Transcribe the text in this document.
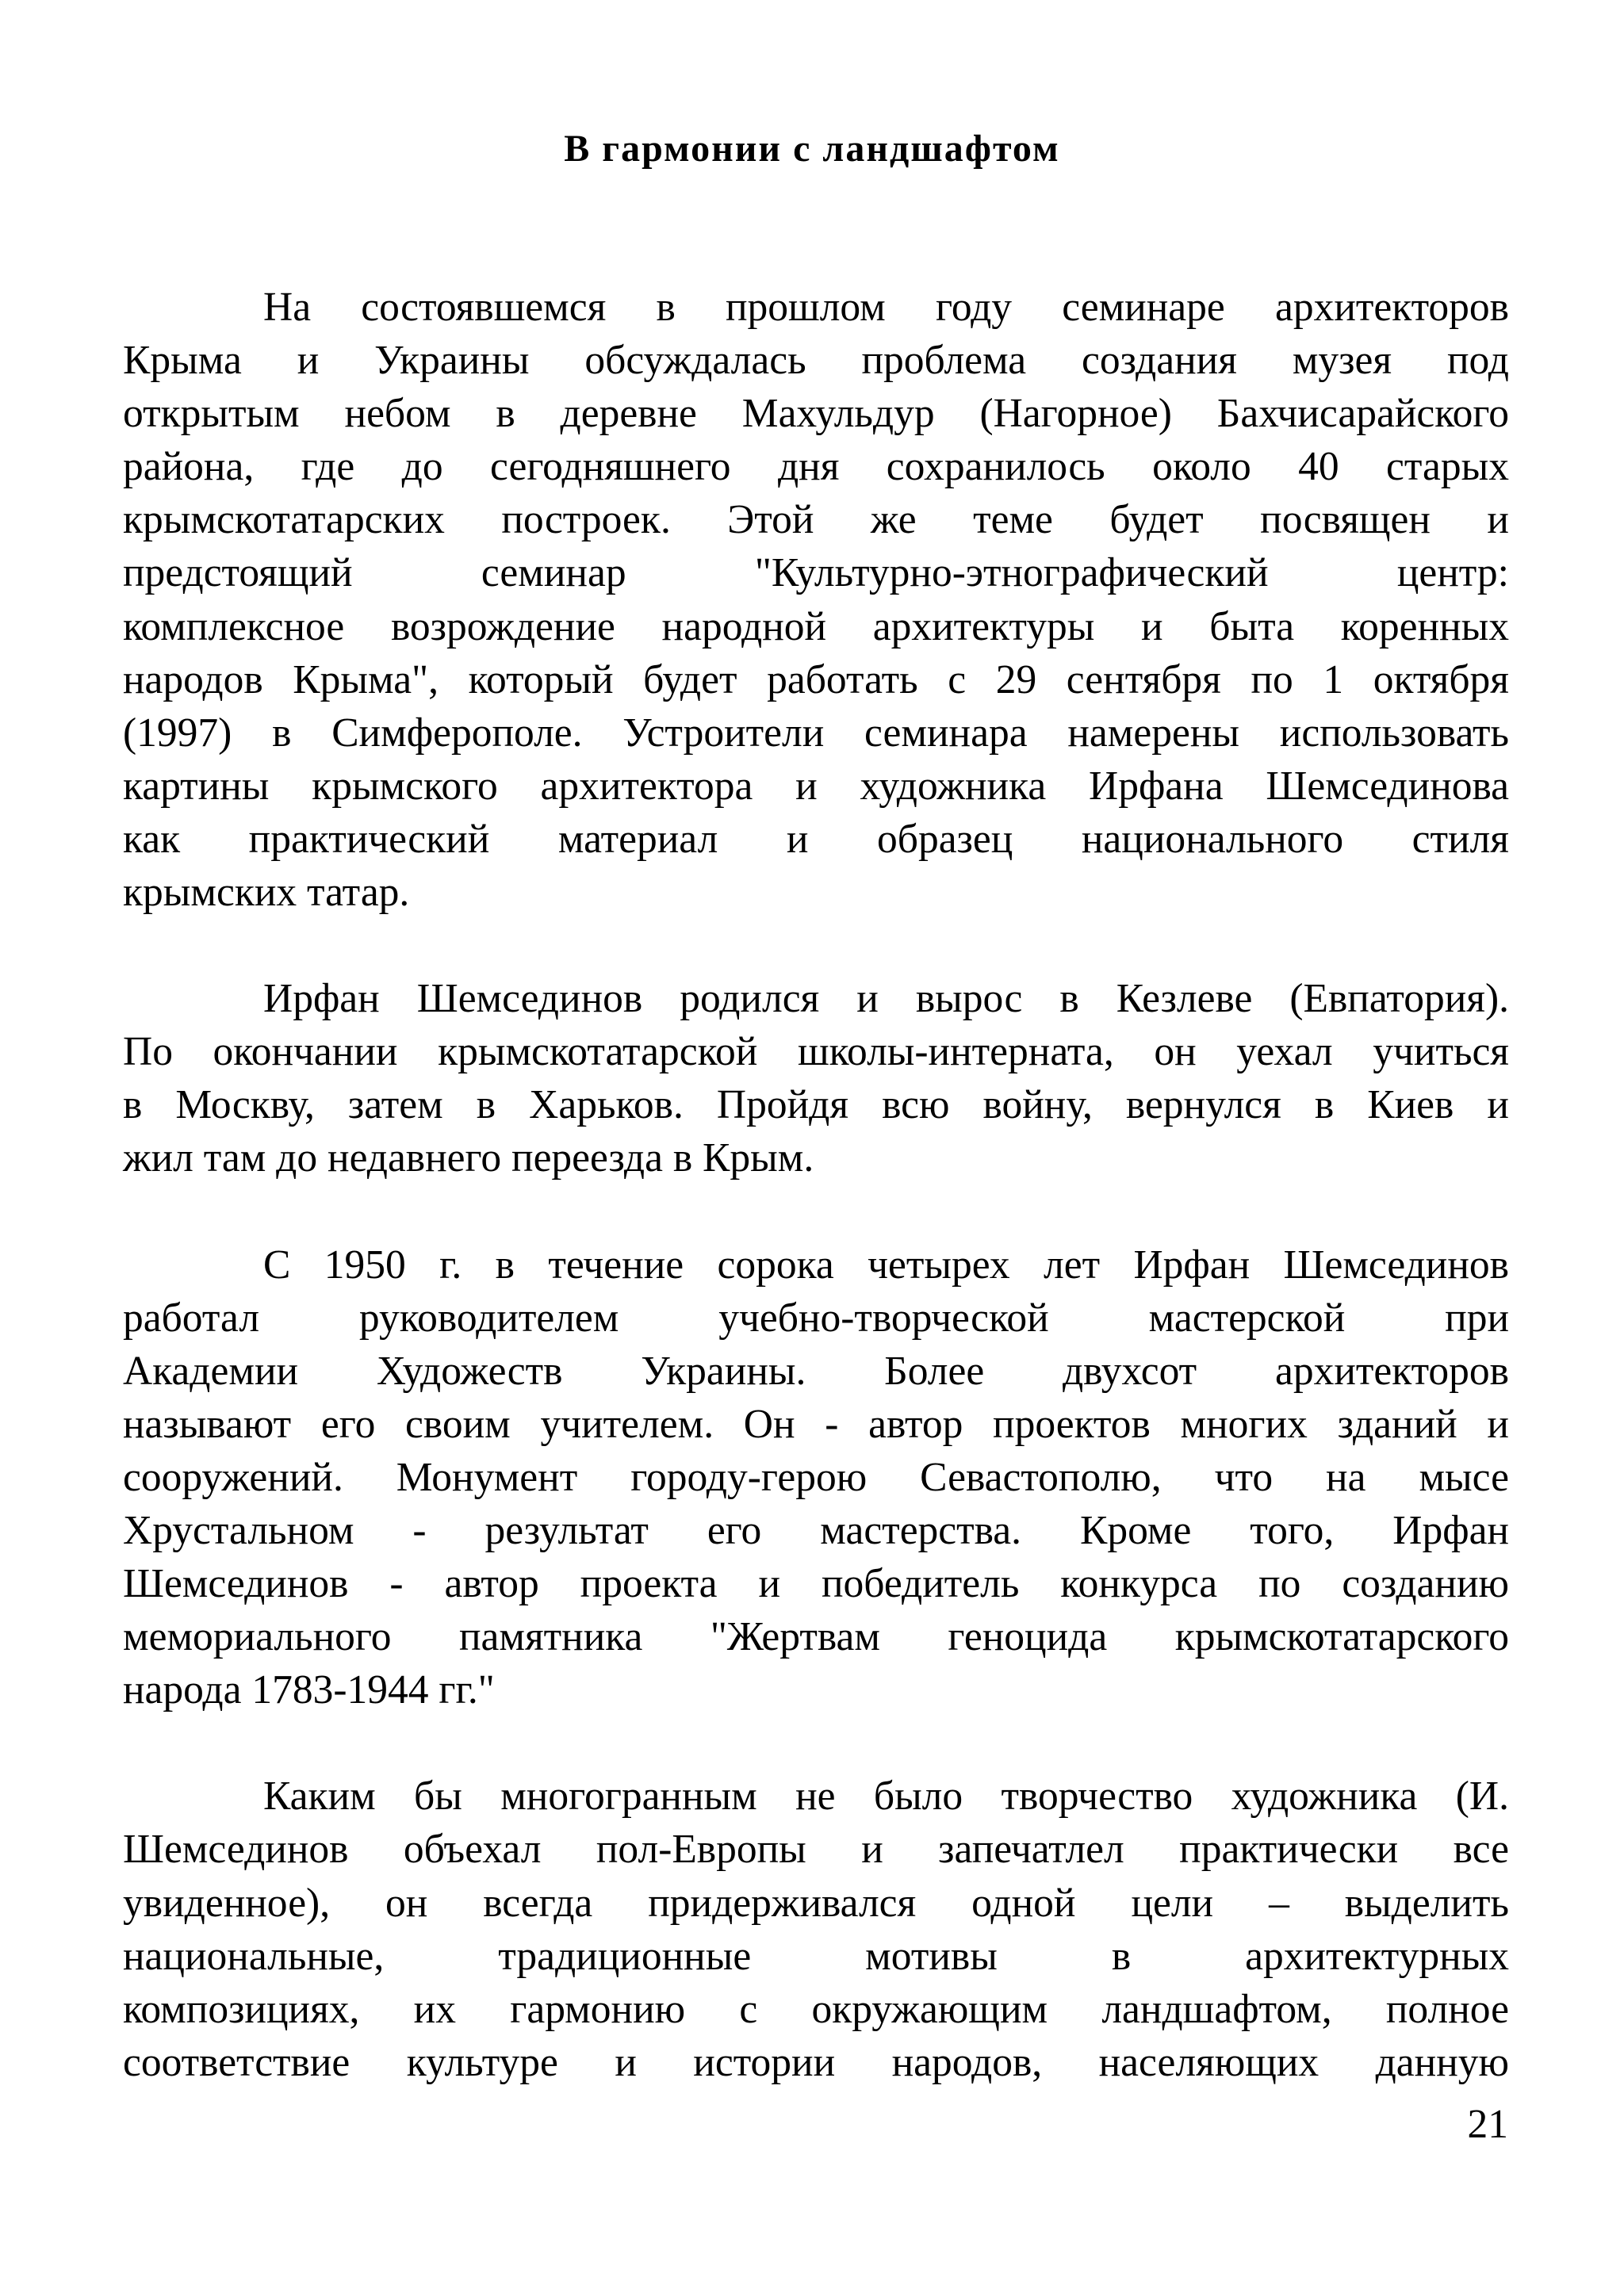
В гармонии с ландшафтом

На состоявшемся в прошлом году семинаре архитекторов
Крыма и Украины обсуждалась проблема создания музея под
открытым небом в деревне Махульдур (Нагорное) Бахчисарайского
района, где до сегодняшнего дня сохранилось около 40 старых
крымскотатарских построек. Этой же теме будет посвящен и
предстоящий семинар "Культурно-этнографический центр:
комплексное возрождение народной архитектуры и быта коренных
народов Крыма", который будет работать с 29 сентября по 1 октября
(1997) в Симферополе. Устроители семинара намерены использовать
картины крымского архитектора и художника Ирфана Шемсединова
как практический материал и образец национального стиля
крымских татар.

Ирфан Шемсединов родился и вырос в Кезлеве (Евпатория).
По окончании крымскотатарской школы-интерната, он уехал учиться
в Москву, затем в Харьков. Пройдя всю войну, вернулся в Киев и
жил там до недавнего переезда в Крым.

С 1950 г. в течение сорока четырех лет Ирфан Шемсединов
работал руководителем учебно-творческой мастерской при
Академии Художеств Украины. Более двухсот архитекторов
называют его своим учителем. Он - автор проектов многих зданий и
сооружений. Монумент городу-герою Севастополю, что на мысе
Хрустальном - результат его мастерства. Кроме того, Ирфан
Шемсединов - автор проекта и победитель конкурса по созданию
мемориального памятника "Жертвам геноцида крымскотатарского
народа 1783-1944 гг."

Каким бы многогранным не было творчество художника (И.
Шемсединов объехал пол-Европы и запечатлел практически все
увиденное), он всегда придерживался одной цели – выделить
национальные, традиционные мотивы в архитектурных
композициях, их гармонию с окружающим ландшафтом, полное
соответствие культуре и истории народов, населяющих данную

21
